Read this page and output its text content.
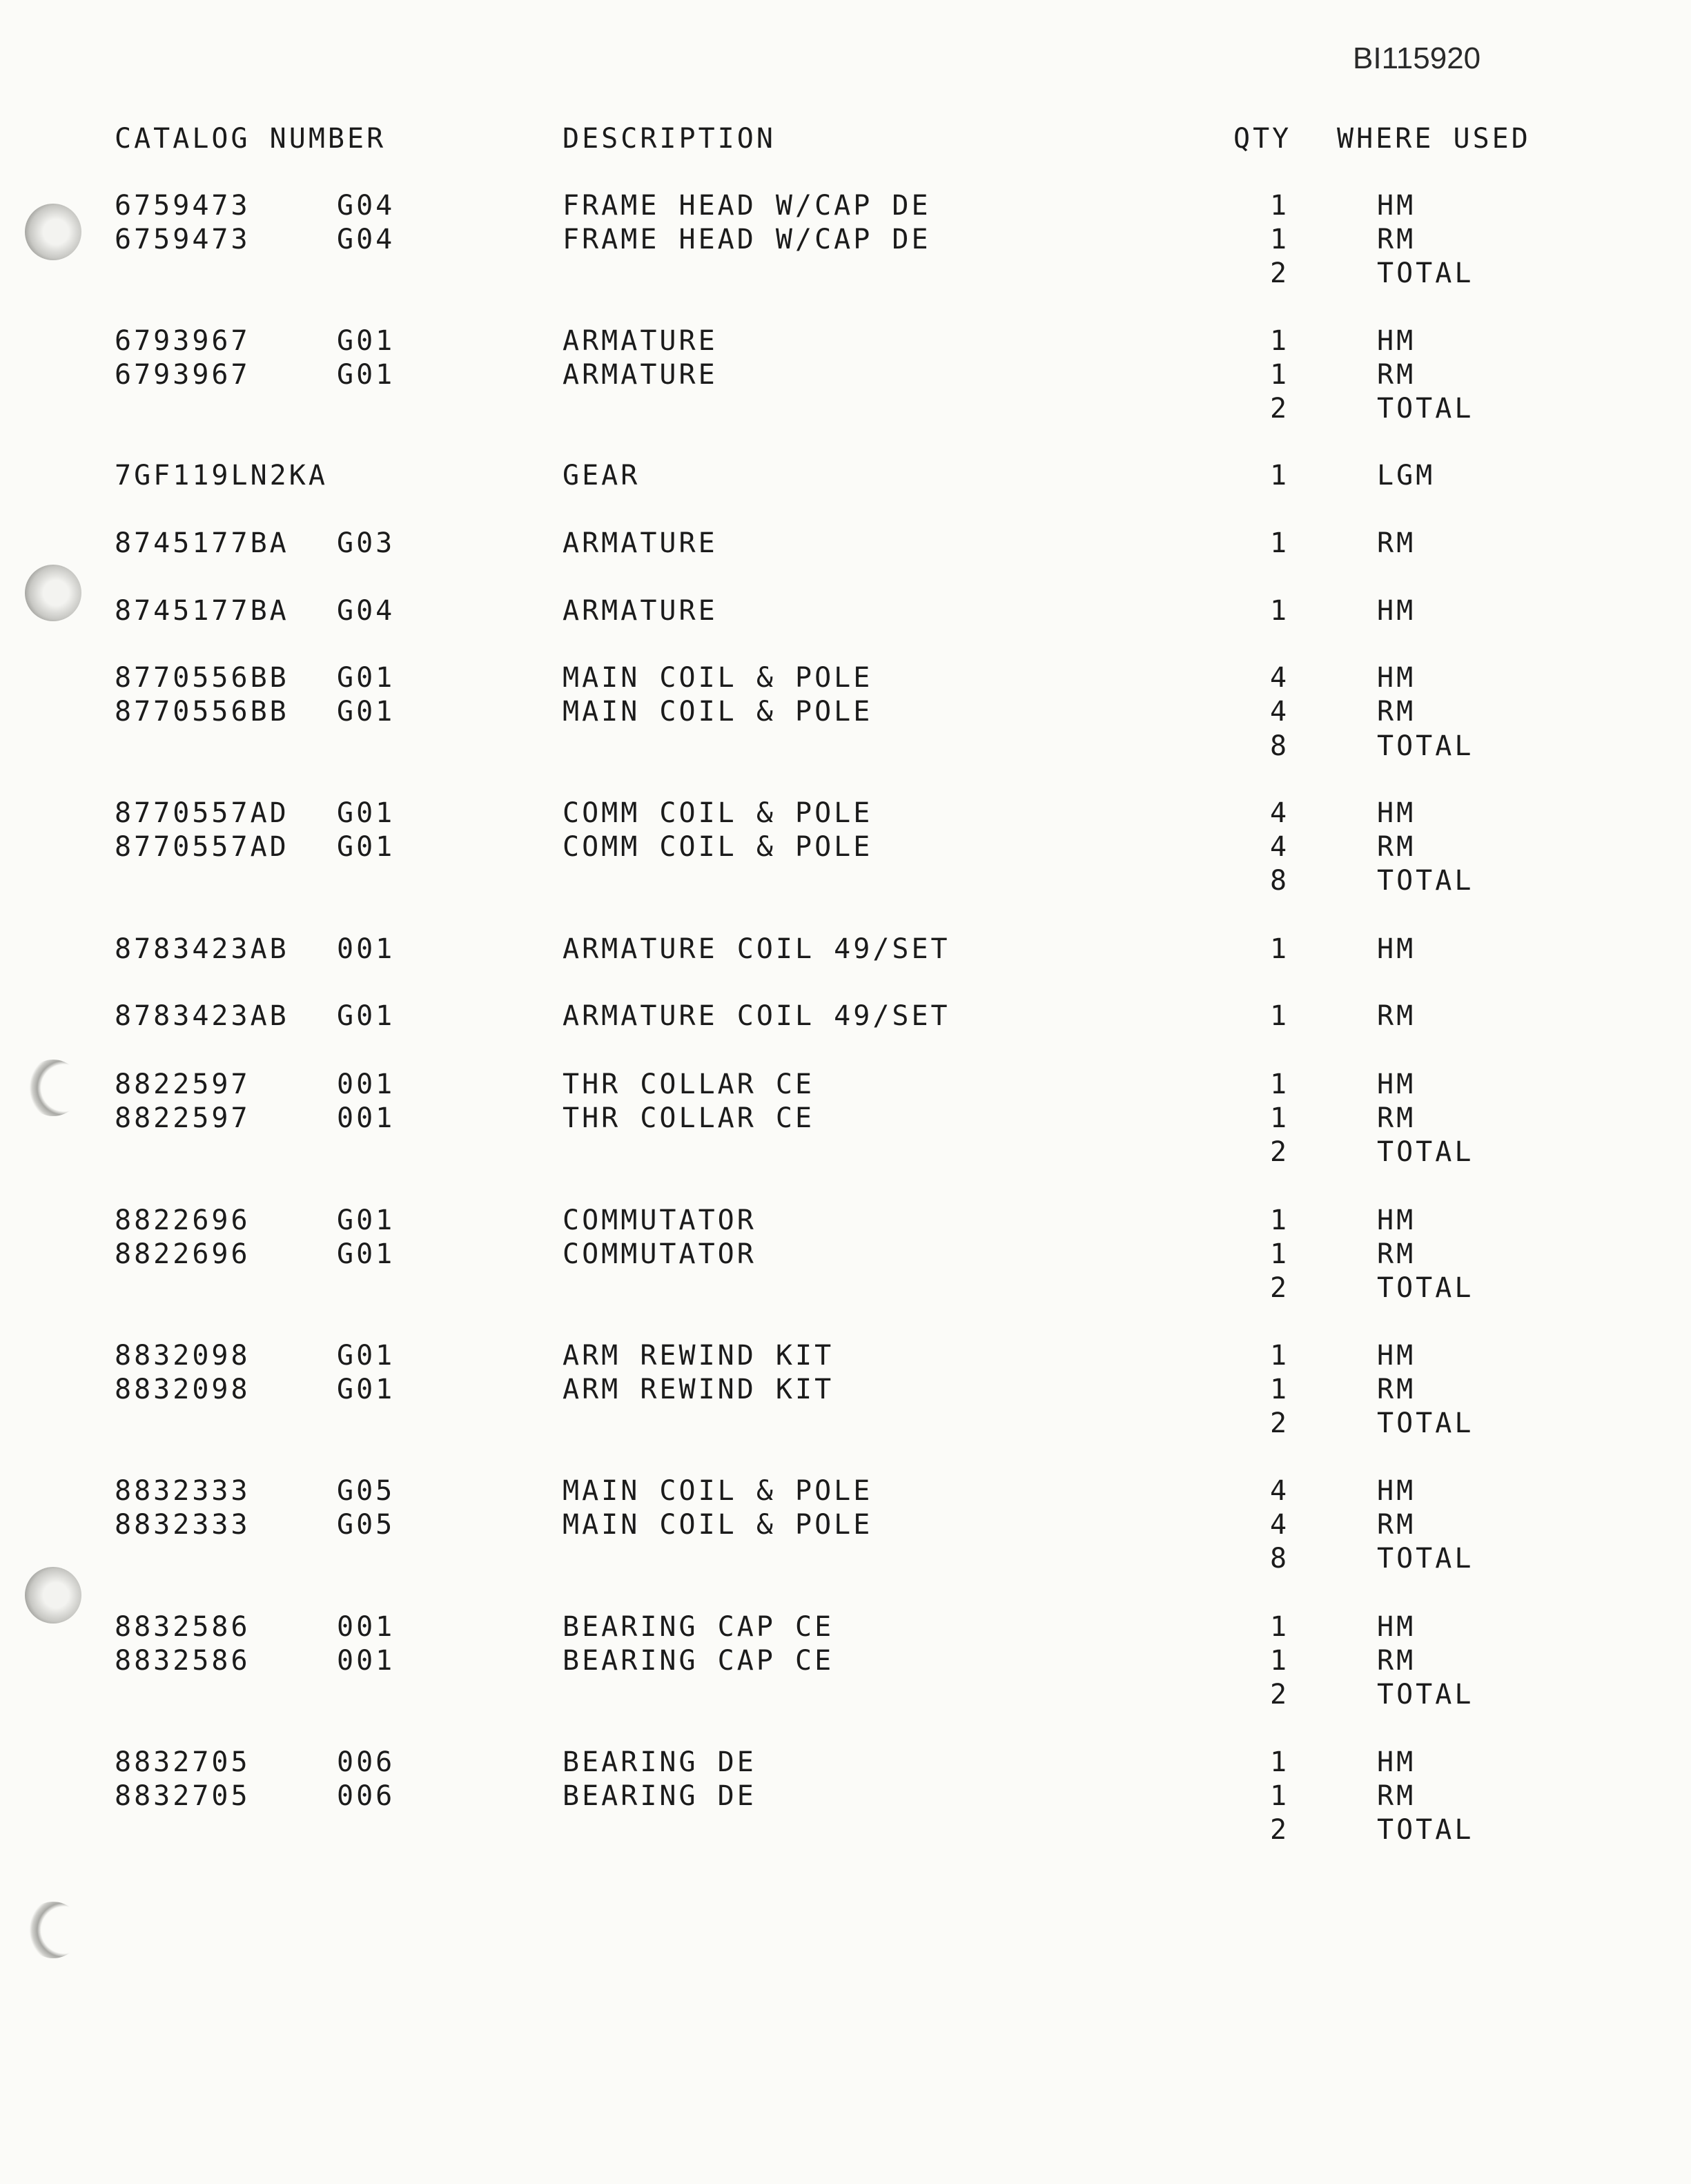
BI115920
CATALOG NUMBER	DESCRIPTION	QTY WHERE USED
6759473	G04	FRAME HEAD W/CAP DE	1	HM
6759473	G04	FRAME HEAD W/CAP DE	1	RM
2	TOTAL
6793967	G01	ARMATURE	1	HM
6793967	G01	ARMATURE	1	RM
2	TOTAL
7GF119LN2KA	GEAR	1	LGM
8745177BA G03	ARMATURE	1	RM
8745177BA G04	ARMATURE	1	HM
8770556BB G01	MAIN COIL & POLE	4	HM
8770556BB G01	MAIN COIL & POLE	4	RM
8	TOTAL
8770557AD G01	COMM COIL & POLE	4	HM
8770557AD G01	COMM COIL & POLE	4	RM
8	TOTAL
8783423AB 001	ARMATURE COIL 49/SET	1	HM
8783423AB G01	ARMATURE COIL 49/SET	1	RM
8822597	001	THR COLLAR CE	1	HM
8822597	001	THR COLLAR CE	1	RM
2	TOTAL
8822696	G01	COMMUTATOR	1	HM
8822696	G01	COMMUTATOR	1	RM
2	TOTAL
8832098	G01	ARM REWIND KIT	1	HM
8832098	G01	ARM REWIND KIT	1	RM
2	TOTAL
8832333	G05	MAIN COIL & POLE	4	HM
8832333	G05	MAIN COIL & POLE	4	RM
8	TOTAL
8832586	001	BEARING CAP CE	1	HM
8832586	001	BEARING CAP CE	1	RM
2	TOTAL
8832705	006	BEARING DE	1	HM
8832705	006	BEARING DE	1	RM
2	TOTAL
